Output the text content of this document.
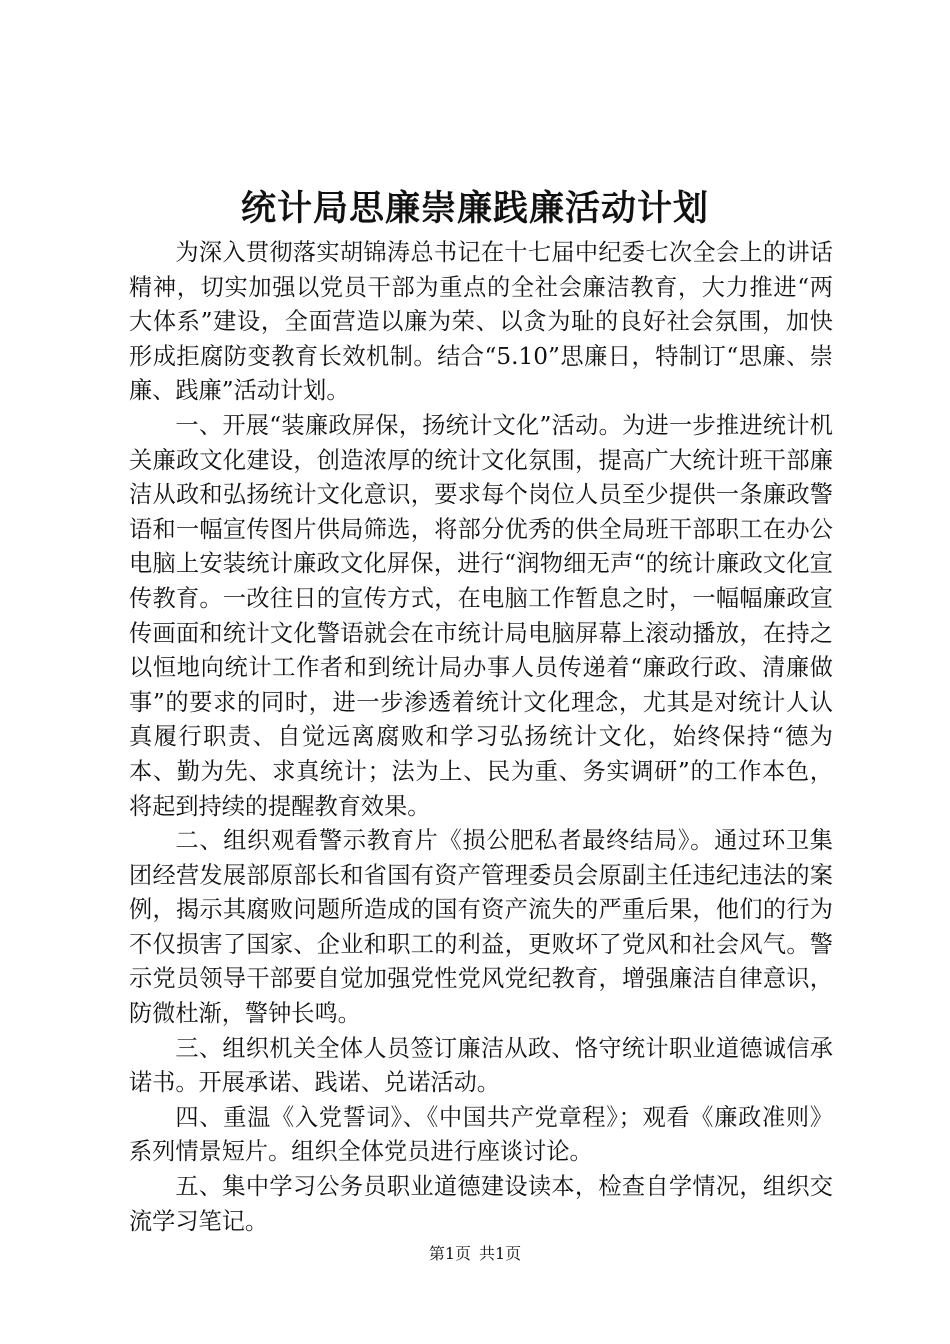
统计局思廉崇廉践廉活动计划

为深入贯彻落实胡锦涛总书记在十七届中纪委七次全会上的讲话精神，切实加强以党员干部为重点的全社会廉洁教育，大力推进“两大体系”建设，全面营造以廉为荣、以贪为耻的良好社会氛围，加快形成拒腐防变教育长效机制。结合“5.10”思廉日，特制订“思廉、崇廉、践廉”活动计划。

一、开展“装廉政屏保，扬统计文化”活动。为进一步推进统计机关廉政文化建设，创造浓厚的统计文化氛围，提高广大统计班干部廉洁从政和弘扬统计文化意识，要求每个岗位人员至少提供一条廉政警语和一幅宣传图片供局筛选，将部分优秀的供全局班干部职工在办公电脑上安装统计廉政文化屏保，进行“润物细无声“的统计廉政文化宣传教育。一改往日的宣传方式，在电脑工作暂息之时，一幅幅廉政宣传画面和统计文化警语就会在市统计局电脑屏幕上滚动播放，在持之以恒地向统计工作者和到统计局办事人员传递着“廉政行政、清廉做事”的要求的同时，进一步渗透着统计文化理念，尤其是对统计人认真履行职责、自觉远离腐败和学习弘扬统计文化，始终保持“德为本、勤为先、求真统计；法为上、民为重、务实调研”的工作本色，将起到持续的提醒教育效果。

二、组织观看警示教育片《损公肥私者最终结局》。通过环卫集团经营发展部原部长和省国有资产管理委员会原副主任违纪违法的案例，揭示其腐败问题所造成的国有资产流失的严重后果，他们的行为不仅损害了国家、企业和职工的利益，更败坏了党风和社会风气。警示党员领导干部要自觉加强党性党风党纪教育，增强廉洁自律意识，防微杜渐，警钟长鸣。

三、组织机关全体人员签订廉洁从政、恪守统计职业道德诚信承诺书。开展承诺、践诺、兑诺活动。

四、重温《入党誓词》、《中国共产党章程》；观看《廉政准则》系列情景短片。组织全体党员进行座谈讨论。

五、集中学习公务员职业道德建设读本，检查自学情况，组织交流学习笔记。

第1页 共1页
